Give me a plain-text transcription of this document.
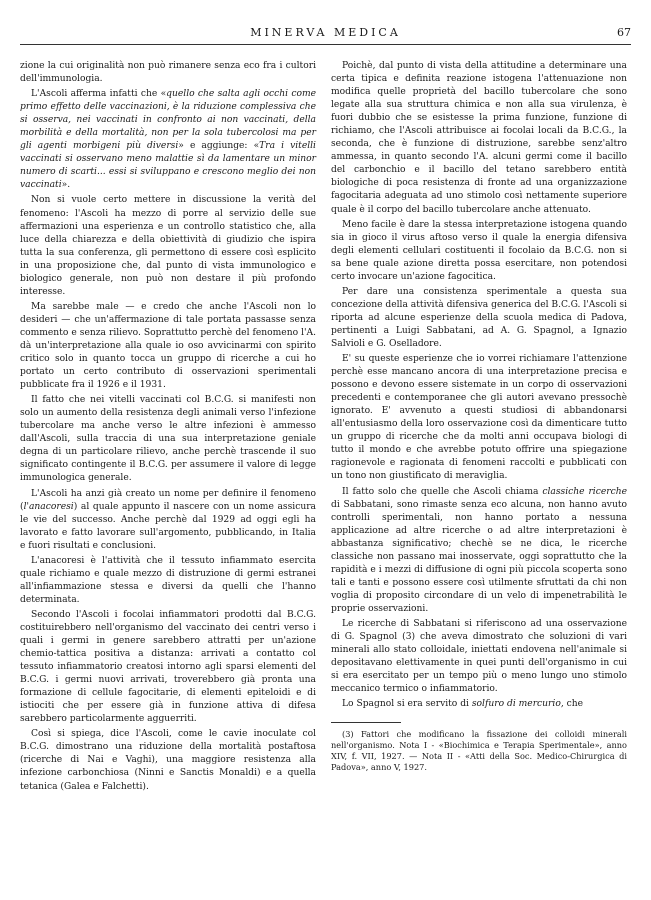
MINERVA MEDICA	67

zione la cui originalità non può rimanere senza eco fra i cultori dell'immunologia.

L'Ascoli afferma infatti che «quello che salta agli occhi come primo effetto delle vaccinazioni, è la riduzione complessiva che si osserva, nei vaccinati in confronto ai non vaccinati, della morbilità e della mortalità, non per la sola tubercolosi ma per gli agenti morbigeni più diversi» e aggiunge: «Tra i vitelli vaccinati si osservano meno malattie sì da lamentare un minor numero di scarti... essi si sviluppano e crescono meglio dei non vaccinati».

Non si vuole certo mettere in discussione la verità del fenomeno: l'Ascoli ha mezzo di porre al servizio delle sue affermazioni una esperienza e un controllo statistico che, alla luce della chiarezza e della obiettività di giudizio che ispira tutta la sua conferenza, gli permettono di essere così esplicito in una proposizione che, dal punto di vista immunologico e biologico generale, non può non destare il più profondo interesse.

Ma sarebbe male — e credo che anche l'Ascoli non lo desideri — che un'affermazione di tale portata passasse senza commento e senza rilievo. Soprattutto perchè del fenomeno l'A. dà un'interpretazione alla quale io oso avvicinarmi con spirito critico solo in quanto tocca un gruppo di ricerche a cui ho portato un certo contributo di osservazioni sperimentali pubblicate fra il 1926 e il 1931.

Il fatto che nei vitelli vaccinati col B.C.G. si manifesti non solo un aumento della resistenza degli animali verso l'infezione tubercolare ma anche verso le altre infezioni è ammesso dall'Ascoli, sulla traccia di una sua interpretazione geniale degna di un particolare rilievo, anche perchè trascende il suo significato contingente il B.C.G. per assumere il valore di legge immunologica generale.

L'Ascoli ha anzi già creato un nome per definire il fenomeno (l'anacoresi) al quale appunto il nascere con un nome assicura le vie del successo. Anche perchè dal 1929 ad oggi egli ha lavorato e fatto lavorare sull'argomento, pubblicando, in Italia e fuori risultati e conclusioni.

L'anacoresi è l'attività che il tessuto infiammato esercita quale richiamo e quale mezzo di distruzione di germi estranei all'infiammazione stessa e diversi da quelli che l'hanno determinata.

Secondo l'Ascoli i focolai infiammatori prodotti dal B.C.G. costituirebbero nell'organismo del vaccinato dei centri verso i quali i germi in genere sarebbero attratti per un'azione chemio-tattica positiva a distanza: arrivati a contatto col tessuto infiammatorio creatosi intorno agli sparsi elementi del B.C.G. i germi nuovi arrivati, troverebbero già pronta una formazione di cellule fagocitarie, di elementi epiteloidi e di istiociti che per essere già in funzione attiva di difesa sarebbero particolarmente agguerriti.

Così si spiega, dice l'Ascoli, come le cavie inoculate col B.C.G. dimostrano una riduzione della mortalità postaftosa (ricerche di Nai e Vaghi), una maggiore resistenza alla infezione carbonchiosa (Ninni e Sanctis Monaldi) e a quella tetanica (Galea e Falchetti).

Poichè, dal punto di vista della attitudine a determinare una certa tipica e definita reazione istogena l'attenuazione non modifica quelle proprietà del bacillo tubercolare che sono legate alla sua struttura chimica e non alla sua virulenza, è fuori dubbio che se esistesse la prima funzione, funzione di richiamo, che l'Ascoli attribuisce ai focolai locali da B.C.G., la seconda, che è funzione di distruzione, sarebbe senz'altro ammessa, in quanto secondo l'A. alcuni germi come il bacillo del carbonchio e il bacillo del tetano sarebbero entità biologiche di poca resistenza di fronte ad una organizzazione fagocitaria adeguata ad uno stimolo così nettamente superiore quale è il corpo del bacillo tubercolare anche attenuato.

Meno facile è dare la stessa interpretazione istogena quando sia in gioco il virus aftoso verso il quale la energia difensiva degli elementi cellulari costituenti il focolaio da B.C.G. non si sa bene quale azione diretta possa esercitare, non potendosi certo invocare un'azione fagocitica.

Per dare una consistenza sperimentale a questa sua concezione della attività difensiva generica del B.C.G. l'Ascoli si riporta ad alcune esperienze della scuola medica di Padova, pertinenti a Luigi Sabbatani, ad A. G. Spagnol, a Ignazio Salvioli e G. Oselladore.

E' su queste esperienze che io vorrei richiamare l'attenzione perchè esse mancano ancora di una interpretazione precisa e possono e devono essere sistemate in un corpo di osservazioni precedenti e contemporanee che gli autori avevano pressochè ignorato. E' avvenuto a questi studiosi di abbandonarsi all'entusiasmo della loro osservazione così da dimenticare tutto un gruppo di ricerche che da molti anni occupava biologi di tutto il mondo e che avrebbe potuto offrire una spiegazione ragionevole e ragionata di fenomeni raccolti e pubblicati con un tono non giustificato di meraviglia.

Il fatto solo che quelle che Ascoli chiama classiche ricerche di Sabbatani, sono rimaste senza eco alcuna, non hanno avuto controlli sperimentali, non hanno portato a nessuna applicazione ad altre ricerche o ad altre interpretazioni è abbastanza significativo; chechè se ne dica, le ricerche classiche non passano mai inosservate, oggi soprattutto che la rapidità e i mezzi di diffusione di ogni più piccola scoperta sono tali e tanti e possono essere così utilmente sfruttati da chi non voglia di proposito circondare di un velo di impenetrabilità le proprie osservazioni.

Le ricerche di Sabbatani si riferiscono ad una osservazione di G. Spagnol (3) che aveva dimostrato che soluzioni di vari minerali allo stato colloidale, iniettati endovena nell'animale si depositavano elettivamente in quei punti dell'organismo in cui si era esercitato per un tempo più o meno lungo uno stimolo meccanico termico o infiammatorio.

Lo Spagnol si era servito di solfuro di mercurio, che

(3) Fattori che modificano la fissazione dei colloidi minerali nell'organismo. Nota I - «Biochimica e Terapia Sperimentale», anno XIV, f. VII, 1927. — Nota II - «Atti della Soc. Medico-Chirurgica di Padova», anno V, 1927.
